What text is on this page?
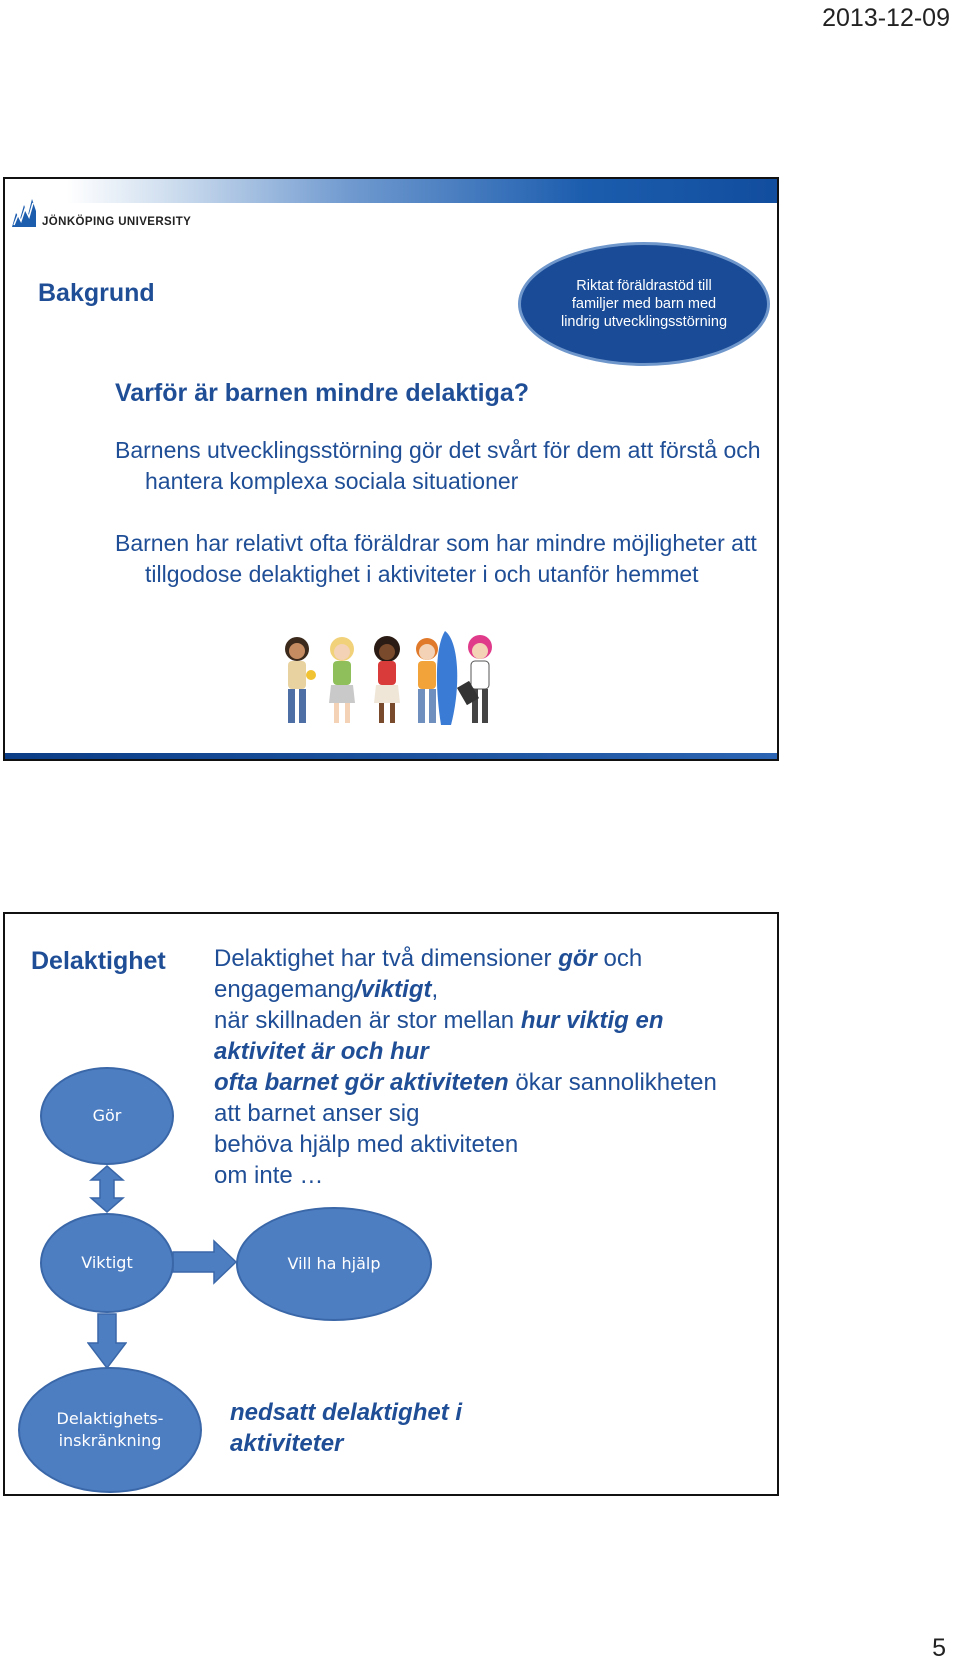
2013-12-09
JÖNKÖPING UNIVERSITY
Bakgrund	Riktat föräldrastöd till familjer med barn med lindrig utvecklingsstörning
Varför är barnen mindre delaktiga?

Barnens utvecklingsstörning gör det svårt för dem att förstå och hantera komplexa sociala situationer

Barnen har relativt ofta föräldrar som har mindre möjligheter att tillgodose delaktighet i aktiviteter i och utanför hemmet

Delaktighet Delaktighet har två dimensioner gör och
engagemang/viktigt,
när skillnaden är stor mellan hur viktig en
aktivitet är och hur
ofta barnet gör aktiviteten ökar sannolikheten
att barnet anser sig
behöva hjälp med aktiviteten
om inte …
Gör
Viktigt	Vill ha hjälp
Delaktighets-
inskränkning
nedsatt delaktighet i aktiviteter
5
